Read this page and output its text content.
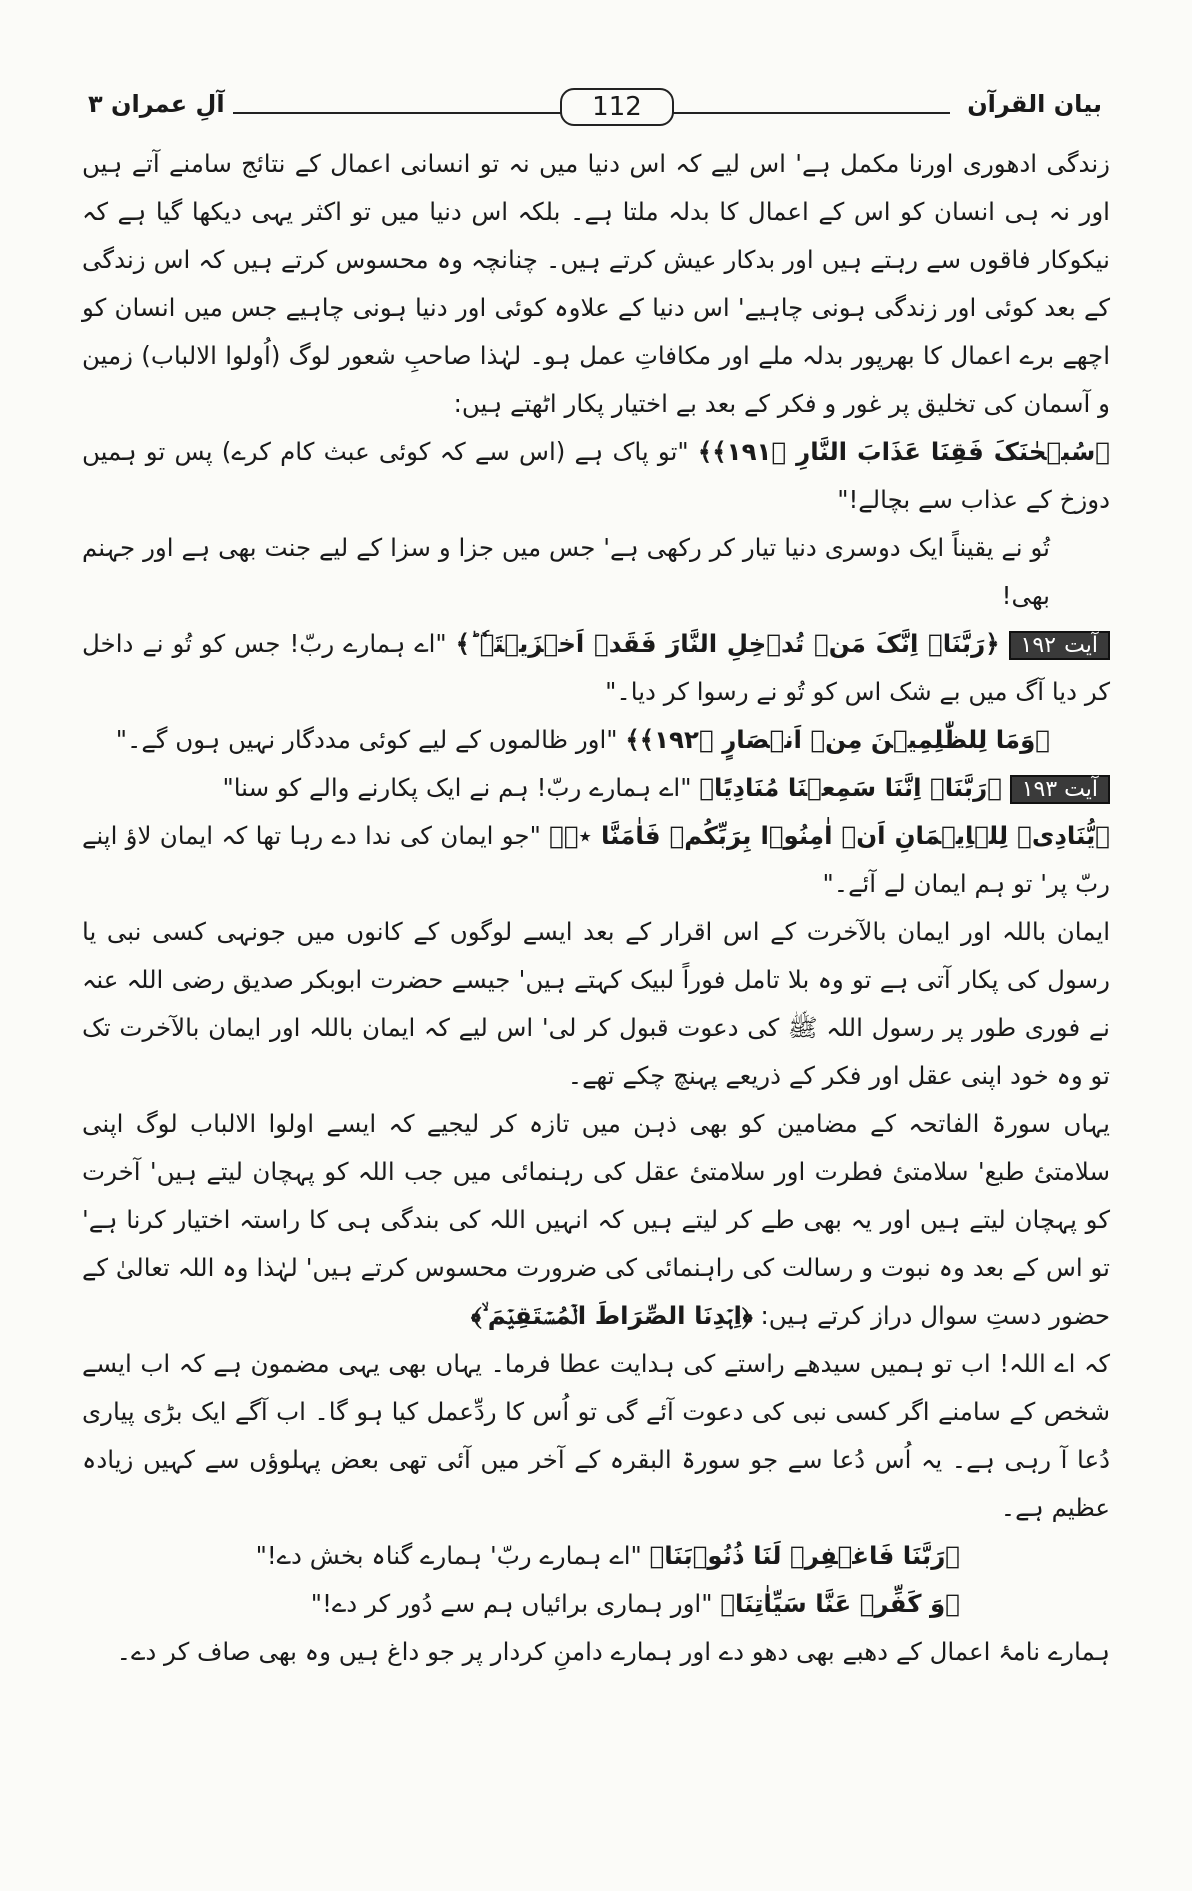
آلِ عمران ۳	بیان القرآن
112

زندگی ادھوری اورنا مکمل ہے' اس لیے کہ اس دنیا میں نہ تو انسانی اعمال کے نتائج سامنے آتے ہیں اور نہ ہی انسان کو اس کے اعمال کا بدلہ ملتا ہے۔ بلکہ اس دنیا میں تو اکثر یہی دیکھا گیا ہے کہ نیکوکار فاقوں سے رہتے ہیں اور بدکار عیش کرتے ہیں۔ چنانچہ وہ محسوس کرتے ہیں کہ اس زندگی کے بعد کوئی اور زندگی ہونی چاہیے' اس دنیا کے علاوہ کوئی اور دنیا ہونی چاہیے جس میں انسان کو اچھے برے اعمال کا بھرپور بدلہ ملے اور مکافاتِ عمل ہو۔ لہٰذا صاحبِ شعور لوگ (اُولوا الالباب) زمین و آسمان کی تخلیق پر غور و فکر کے بعد بے اختیار پکار اٹھتے ہیں:

﴿سُبۡحٰنَکَ فَقِنَا عَذَابَ النَّارِ ﴿۱۹۱﴾﴾ "تو پاک ہے (اس سے کہ کوئی عبث کام کرے) پس تو ہمیں دوزخ کے عذاب سے بچالے!"

تُو نے یقیناً ایک دوسری دنیا تیار کر رکھی ہے' جس میں جزا و سزا کے لیے جنت بھی ہے اور جہنم بھی!

آیت ۱۹۲ ﴿رَبَّنَاۤ اِنَّکَ مَنۡ تُدۡخِلِ النَّارَ فَقَدۡ اَخۡزَیۡتَہٗ ؕ﴾ "اے ہمارے ربّ! جس کو تُو نے داخل کر دیا آگ میں بے شک اس کو تُو نے رسوا کر دیا۔"

﴿وَمَا لِلظّٰلِمِیۡنَ مِنۡ اَنۡصَارٍ ﴿۱۹۲﴾﴾ "اور ظالموں کے لیے کوئی مددگار نہیں ہوں گے۔"

آیت ۱۹۳ ﴿رَبَّنَاۤ اِنَّنَا سَمِعۡنَا مُنَادِیًا﴾ "اے ہمارے ربّ! ہم نے ایک پکارنے والے کو سنا"

﴿یُّنَادِیۡ لِلۡاِیۡمَانِ اَنۡ اٰمِنُوۡا بِرَبِّکُمۡ فَاٰمَنَّا ٭ۖ﴾ "جو ایمان کی ندا دے رہا تھا کہ ایمان لاؤ اپنے ربّ پر' تو ہم ایمان لے آئے۔"

ایمان باللہ اور ایمان بالآخرت کے اس اقرار کے بعد ایسے لوگوں کے کانوں میں جونہی کسی نبی یا رسول کی پکار آتی ہے تو وہ بلا تامل فوراً لبیک کہتے ہیں' جیسے حضرت ابوبکر صدیق رضی اللہ عنہ نے فوری طور پر رسول اللہ ﷺ کی دعوت قبول کر لی' اس لیے کہ ایمان باللہ اور ایمان بالآخرت تک تو وہ خود اپنی عقل اور فکر کے ذریعے پہنچ چکے تھے۔

یہاں سورۃ الفاتحہ کے مضامین کو بھی ذہن میں تازہ کر لیجیے کہ ایسے اولوا الالباب لوگ اپنی سلامتیٔ طبع' سلامتیٔ فطرت اور سلامتیٔ عقل کی رہنمائی میں جب اللہ کو پہچان لیتے ہیں' آخرت کو پہچان لیتے ہیں اور یہ بھی طے کر لیتے ہیں کہ انہیں اللہ کی بندگی ہی کا راستہ اختیار کرنا ہے' تو اس کے بعد وہ نبوت و رسالت کی راہنمائی کی ضرورت محسوس کرتے ہیں' لہٰذا وہ اللہ تعالیٰ کے حضور دستِ سوال دراز کرتے ہیں: ﴿اِہۡدِنَا الصِّرَاطَ الۡمُسۡتَقِیۡمَ ۙ﴾

کہ اے اللہ! اب تو ہمیں سیدھے راستے کی ہدایت عطا فرما۔ یہاں بھی یہی مضمون ہے کہ اب ایسے شخص کے سامنے اگر کسی نبی کی دعوت آئے گی تو اُس کا ردِّعمل کیا ہو گا۔ اب آگے ایک بڑی پیاری دُعا آ رہی ہے۔ یہ اُس دُعا سے جو سورۃ البقرہ کے آخر میں آئی تھی بعض پہلوؤں سے کہیں زیادہ عظیم ہے۔

﴿رَبَّنَا فَاغۡفِرۡ لَنَا ذُنُوۡبَنَا﴾ "اے ہمارے ربّ' ہمارے گناہ بخش دے!"

﴿وَ کَفِّرۡ عَنَّا سَیِّاٰتِنَا﴾ "اور ہماری برائیاں ہم سے دُور کر دے!"

ہمارے نامۂ اعمال کے دھبے بھی دھو دے اور ہمارے دامنِ کردار پر جو داغ ہیں وہ بھی صاف کر دے۔
